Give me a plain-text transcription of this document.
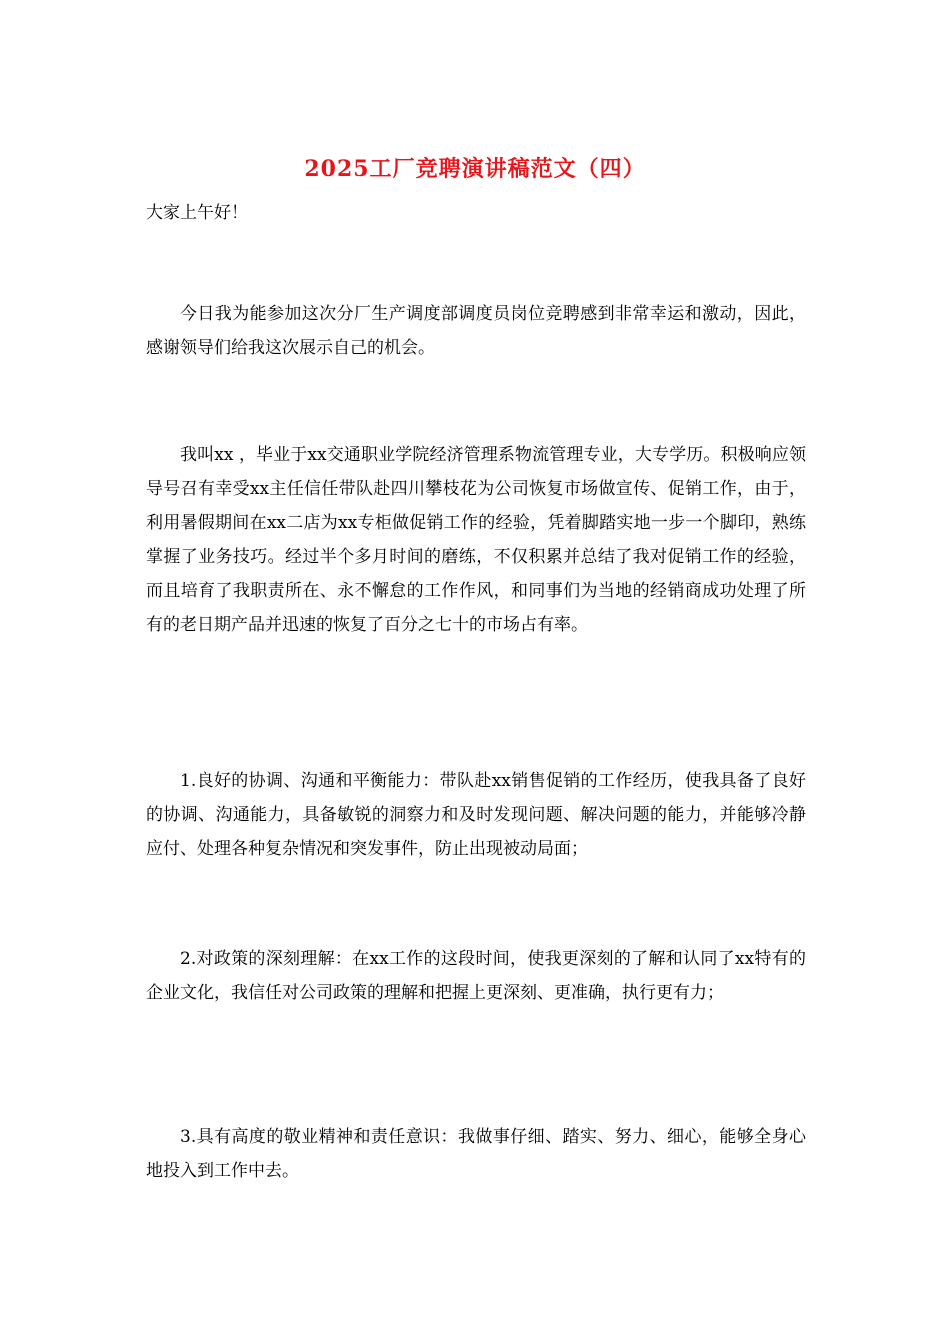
2025工厂竞聘演讲稿范文（四）
大家上午好！

今日我为能参加这次分厂生产调度部调度员岗位竞聘感到非常幸运和激动，因此，感谢领导们给我这次展示自己的机会。

我叫xx ，毕业于xx交通职业学院经济管理系物流管理专业，大专学历。积极响应领导号召有幸受xx主任信任带队赴四川攀枝花为公司恢复市场做宣传、促销工作，由于，利用暑假期间在xx二店为xx专柜做促销工作的经验，凭着脚踏实地一步一个脚印，熟练掌握了业务技巧。经过半个多月时间的磨练，不仅积累并总结了我对促销工作的经验，而且培育了我职责所在、永不懈怠的工作作风，和同事们为当地的经销商成功处理了所有的老日期产品并迅速的恢复了百分之七十的市场占有率。

1.良好的协调、沟通和平衡能力：带队赴xx销售促销的工作经历，使我具备了良好的协调、沟通能力，具备敏锐的洞察力和及时发现问题、解决问题的能力，并能够冷静应付、处理各种复杂情况和突发事件，防止出现被动局面；

2.对政策的深刻理解：在xx工作的这段时间，使我更深刻的了解和认同了xx特有的企业文化，我信任对公司政策的理解和把握上更深刻、更准确，执行更有力；

3.具有高度的敬业精神和责任意识：我做事仔细、踏实、努力、细心，能够全身心地投入到工作中去。
